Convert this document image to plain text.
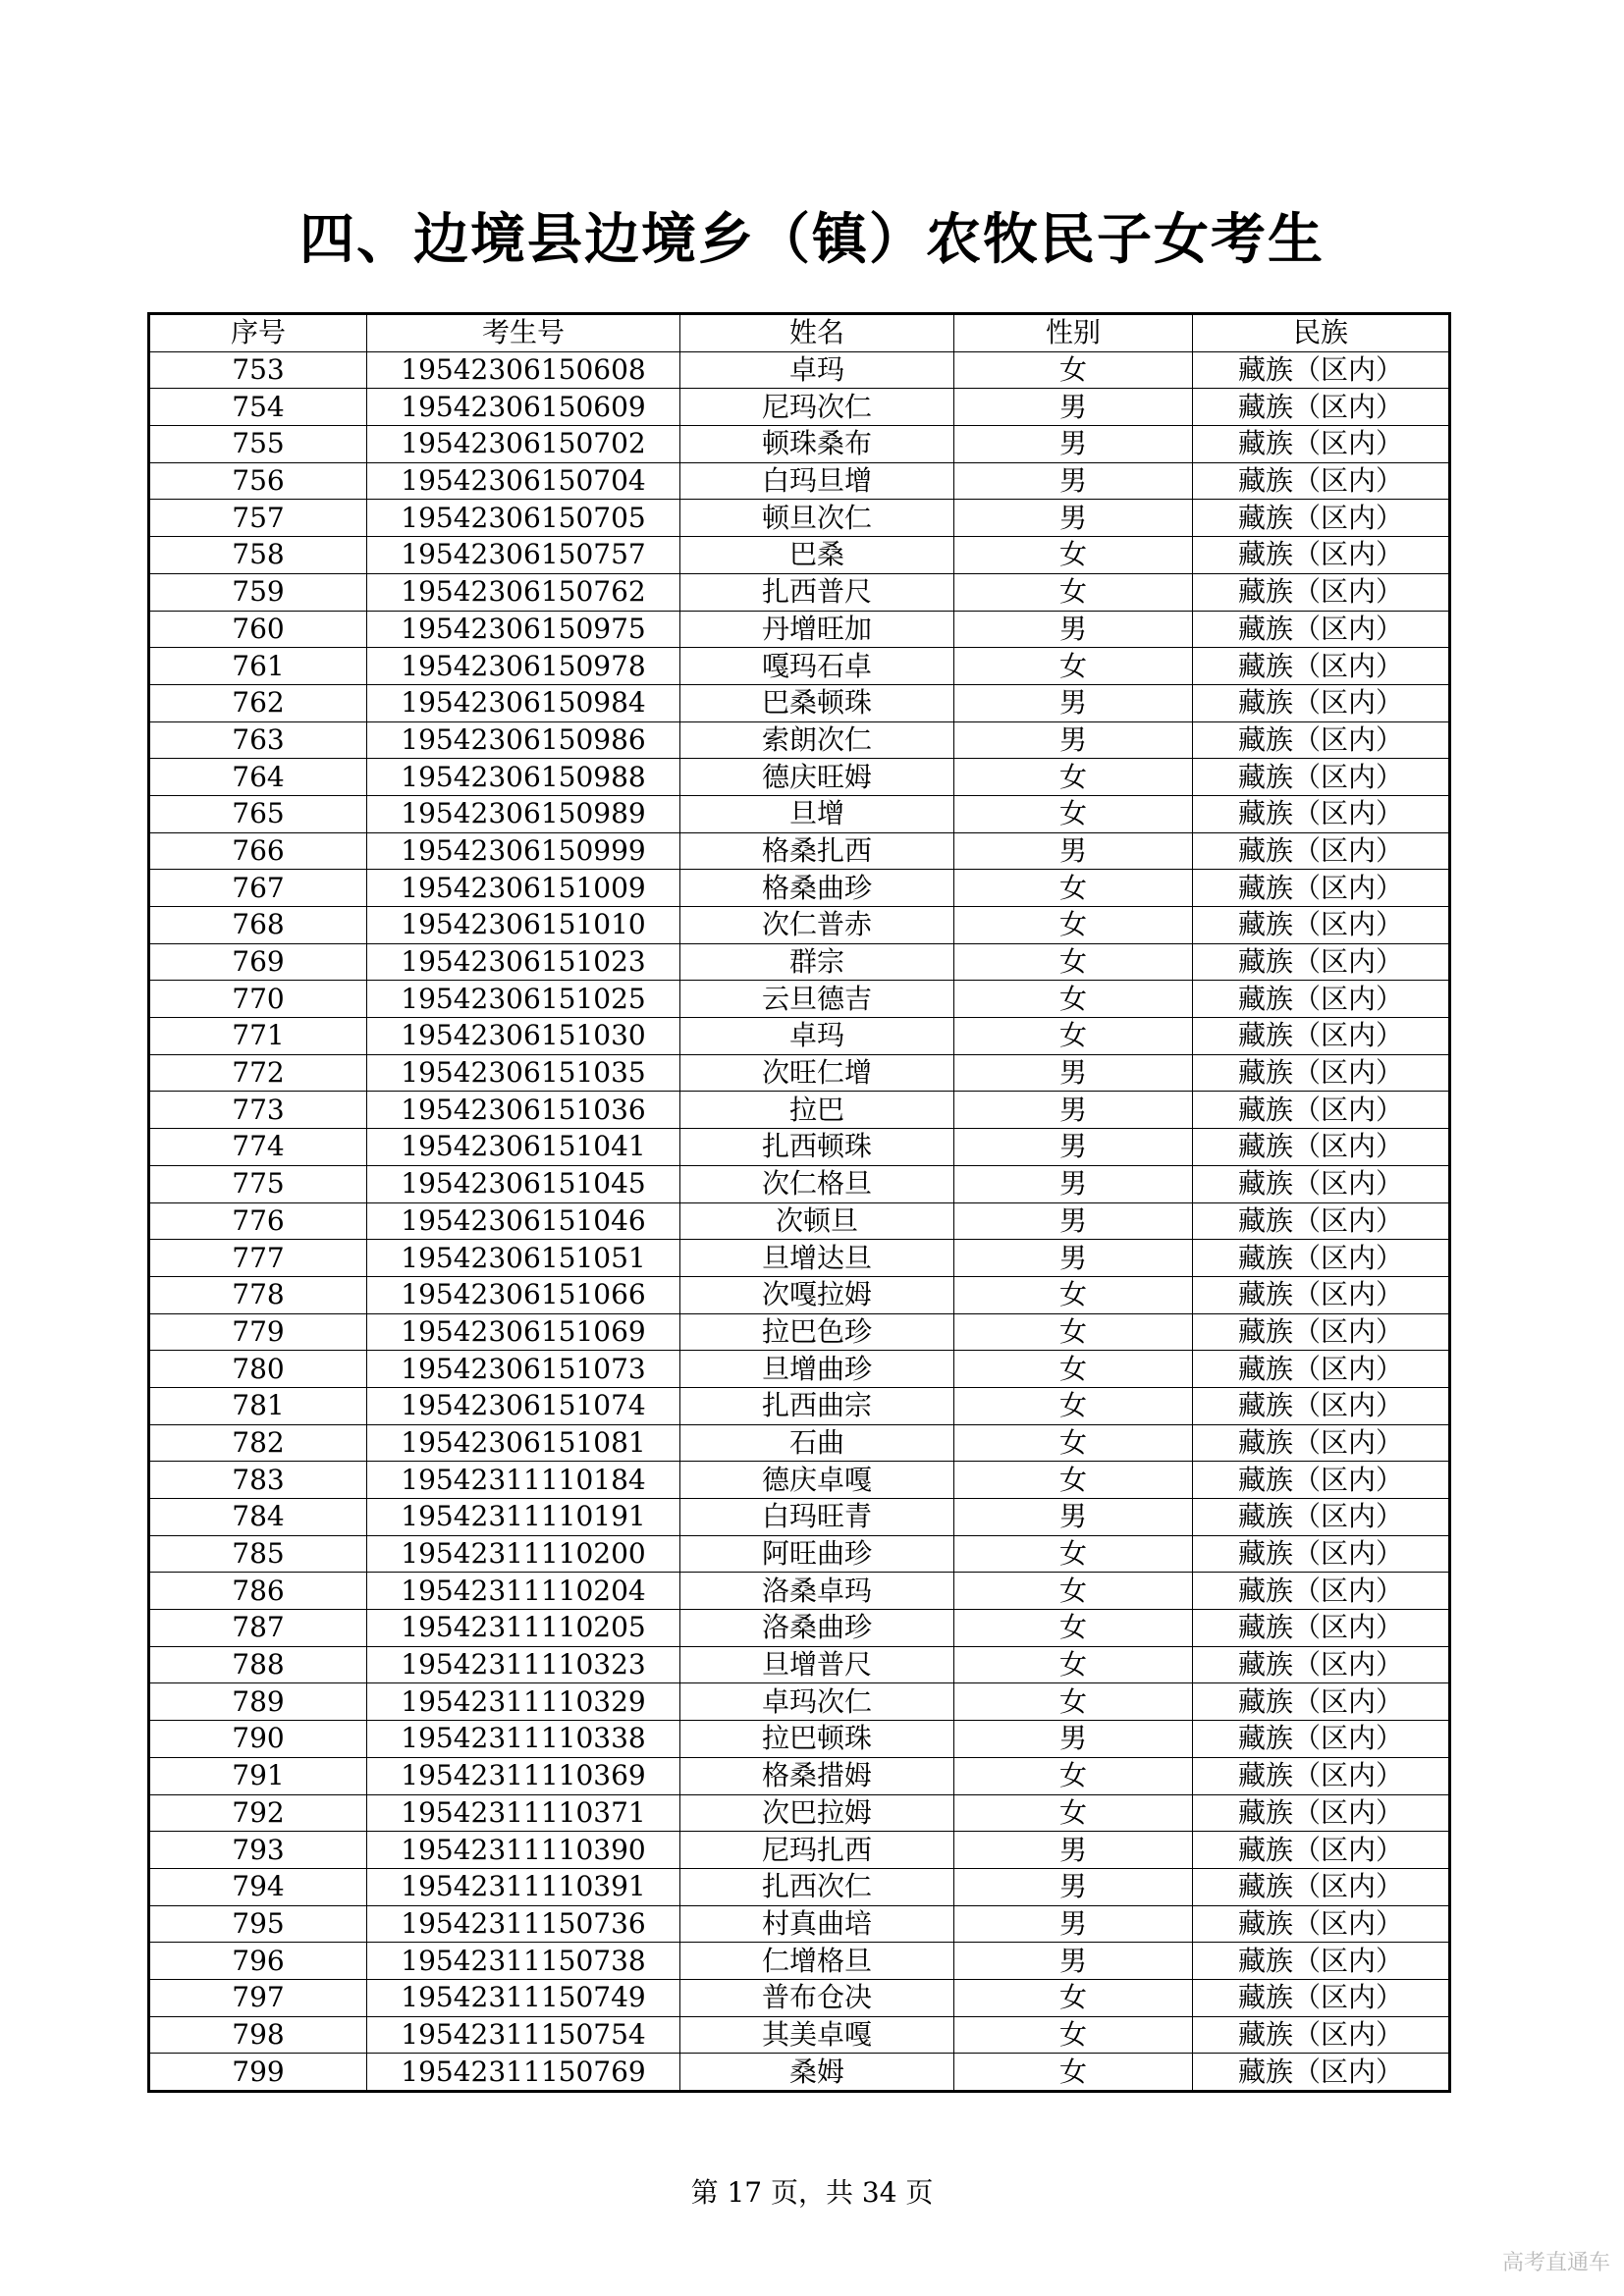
四、边境县边境乡（镇）农牧民子女考生
序号	考生号	姓名	性别	民族
753	19542306150608	卓玛	女	藏族（区内）
754	19542306150609	尼玛次仁	男	藏族（区内）
755	19542306150702	顿珠桑布	男	藏族（区内）
756	19542306150704	白玛旦增	男	藏族（区内）
757	19542306150705	顿旦次仁	男	藏族（区内）
758	19542306150757	巴桑	女	藏族（区内）
759	19542306150762	扎西普尺	女	藏族（区内）
760	19542306150975	丹增旺加	男	藏族（区内）
761	19542306150978	嘎玛石卓	女	藏族（区内）
762	19542306150984	巴桑顿珠	男	藏族（区内）
763	19542306150986	索朗次仁	男	藏族（区内）
764	19542306150988	德庆旺姆	女	藏族（区内）
765	19542306150989	旦增	女	藏族（区内）
766	19542306150999	格桑扎西	男	藏族（区内）
767	19542306151009	格桑曲珍	女	藏族（区内）
768	19542306151010	次仁普赤	女	藏族（区内）
769	19542306151023	群宗	女	藏族（区内）
770	19542306151025	云旦德吉	女	藏族（区内）
771	19542306151030	卓玛	女	藏族（区内）
772	19542306151035	次旺仁增	男	藏族（区内）
773	19542306151036	拉巴	男	藏族（区内）
774	19542306151041	扎西顿珠	男	藏族（区内）
775	19542306151045	次仁格旦	男	藏族（区内）
776	19542306151046	次顿旦	男	藏族（区内）
777	19542306151051	旦增达旦	男	藏族（区内）
778	19542306151066	次嘎拉姆	女	藏族（区内）
779	19542306151069	拉巴色珍	女	藏族（区内）
780	19542306151073	旦增曲珍	女	藏族（区内）
781	19542306151074	扎西曲宗	女	藏族（区内）
782	19542306151081	石曲	女	藏族（区内）
783	19542311110184	德庆卓嘎	女	藏族（区内）
784	19542311110191	白玛旺青	男	藏族（区内）
785	19542311110200	阿旺曲珍	女	藏族（区内）
786	19542311110204	洛桑卓玛	女	藏族（区内）
787	19542311110205	洛桑曲珍	女	藏族（区内）
788	19542311110323	旦增普尺	女	藏族（区内）
789	19542311110329	卓玛次仁	女	藏族（区内）
790	19542311110338	拉巴顿珠	男	藏族（区内）
791	19542311110369	格桑措姆	女	藏族（区内）
792	19542311110371	次巴拉姆	女	藏族（区内）
793	19542311110390	尼玛扎西	男	藏族（区内）
794	19542311110391	扎西次仁	男	藏族（区内）
795	19542311150736	村真曲培	男	藏族（区内）
796	19542311150738	仁增格旦	男	藏族（区内）
797	19542311150749	普布仓决	女	藏族（区内）
798	19542311150754	其美卓嘎	女	藏族（区内）
799	19542311150769	桑姆	女	藏族（区内）
第 17 页，共 34 页
高考直通车
